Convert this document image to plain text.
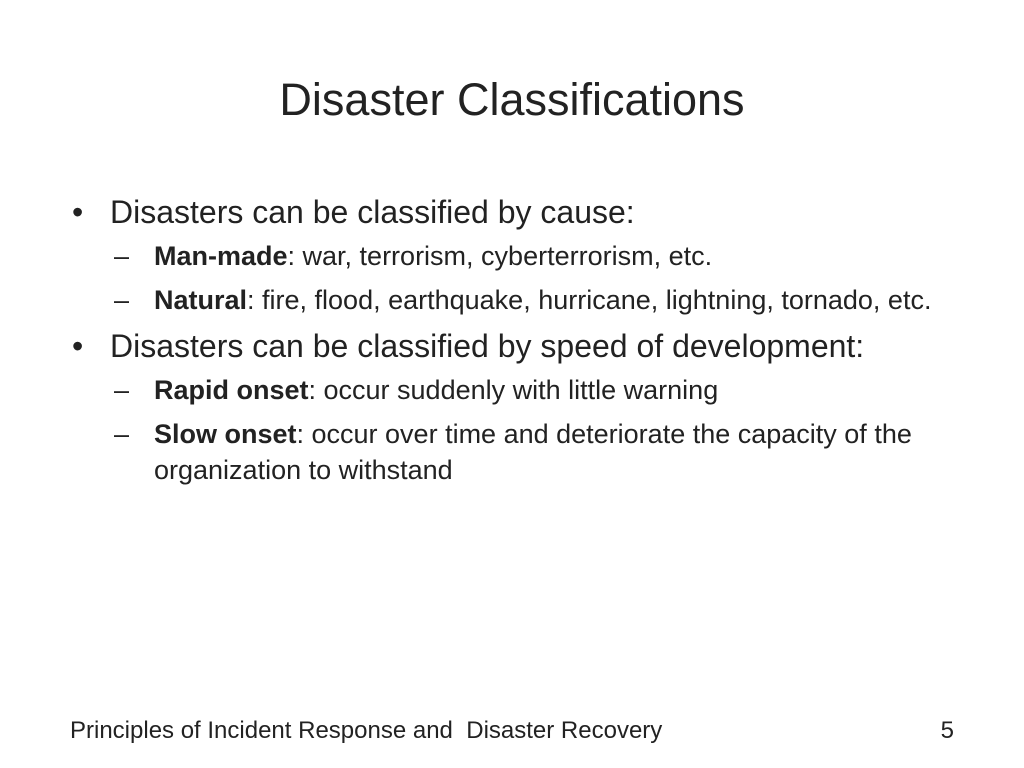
Disaster Classifications
• Disasters can be classified by cause:
– Man-made: war, terrorism, cyberterrorism, etc.
– Natural: fire, flood, earthquake, hurricane, lightning, tornado, etc.
• Disasters can be classified by speed of development:
– Rapid onset: occur suddenly with little warning
– Slow onset: occur over time and deteriorate the capacity of the organization to withstand
Principles of Incident Response and  Disaster Recovery	5
